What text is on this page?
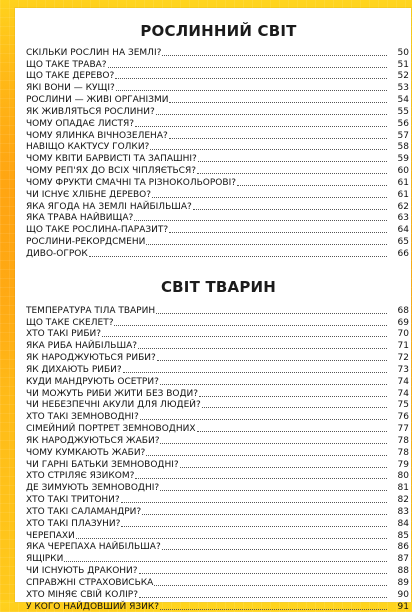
РОСЛИННИЙ СВІТ
СКІЛЬКИ РОСЛИН НА ЗЕМЛІ?	50
ЩО ТАКЕ ТРАВА?	51
ЩО ТАКЕ ДЕРЕВО?	52
ЯКІ ВОНИ — КУЩІ?	53
РОСЛИНИ — ЖИВІ ОРГАНІЗМИ	54
ЯК ЖИВЛЯТЬСЯ РОСЛИНИ?	55
ЧОМУ ОПАДАЄ ЛИСТЯ?	56
ЧОМУ ЯЛИНКА ВІЧНОЗЕЛЕНА?	57
НАВІЩО КАКТУСУ ГОЛКИ?	58
ЧОМУ КВІТИ БАРВИСТІ ТА ЗАПАШНІ?	59
ЧОМУ РЕП'ЯХ ДО ВСІХ ЧІПЛЯЄТЬСЯ?	60
ЧОМУ ФРУКТИ СМАЧНІ ТА РІЗНОКОЛЬОРОВІ?	61
ЧИ ІСНУЄ ХЛІБНЕ ДЕРЕВО?	61
ЯКА ЯГОДА НА ЗЕМЛІ НАЙБІЛЬША?	62
ЯКА ТРАВА НАЙВИЩА?	63
ЩО ТАКЕ РОСЛИНА-ПАРАЗИТ?	64
РОСЛИНИ-РЕКОРДСМЕНИ	65
ДИВО-ОГРОК	66
СВІТ ТВАРИН
ТЕМПЕРАТУРА ТІЛА ТВАРИН	68
ЩО ТАКЕ СКЕЛЕТ?	69
ХТО ТАКІ РИБИ?	70
ЯКА РИБА НАЙБІЛЬША?	71
ЯК НАРОДЖУЮТЬСЯ РИБИ?	72
ЯК ДИХАЮТЬ РИБИ?	73
КУДИ МАНДРУЮТЬ ОСЕТРИ?	74
ЧИ МОЖУТЬ РИБИ ЖИТИ БЕЗ ВОДИ?	74
ЧИ НЕБЕЗПЕЧНІ АКУЛИ ДЛЯ ЛЮДЕЙ?	75
ХТО ТАКІ ЗЕМНОВОДНІ?	76
СІМЕЙНИЙ ПОРТРЕТ ЗЕМНОВОДНИХ	77
ЯК НАРОДЖУЮТЬСЯ ЖАБИ?	78
ЧОМУ КУМКАЮТЬ ЖАБИ?	78
ЧИ ГАРНІ БАТЬКИ ЗЕМНОВОДНІ?	79
ХТО СТРІЛЯЄ ЯЗИКОМ?	80
ДЕ ЗИМУЮТЬ ЗЕМНОВОДНІ?	81
ХТО ТАКІ ТРИТОНИ?	82
ХТО ТАКІ САЛАМАНДРИ?	83
ХТО ТАКІ ПЛАЗУНИ?	84
ЧЕРЕПАХИ	85
ЯКА ЧЕРЕПАХА НАЙБІЛЬША?	86
ЯЩІРКИ	87
ЧИ ІСНУЮТЬ ДРАКОНИ?	88
СПРАВЖНІ СТРАХОВИСЬКА	89
ХТО МІНЯЄ СВІЙ КОЛІР?	90
У КОГО НАЙДОВШИЙ ЯЗИК?	91
